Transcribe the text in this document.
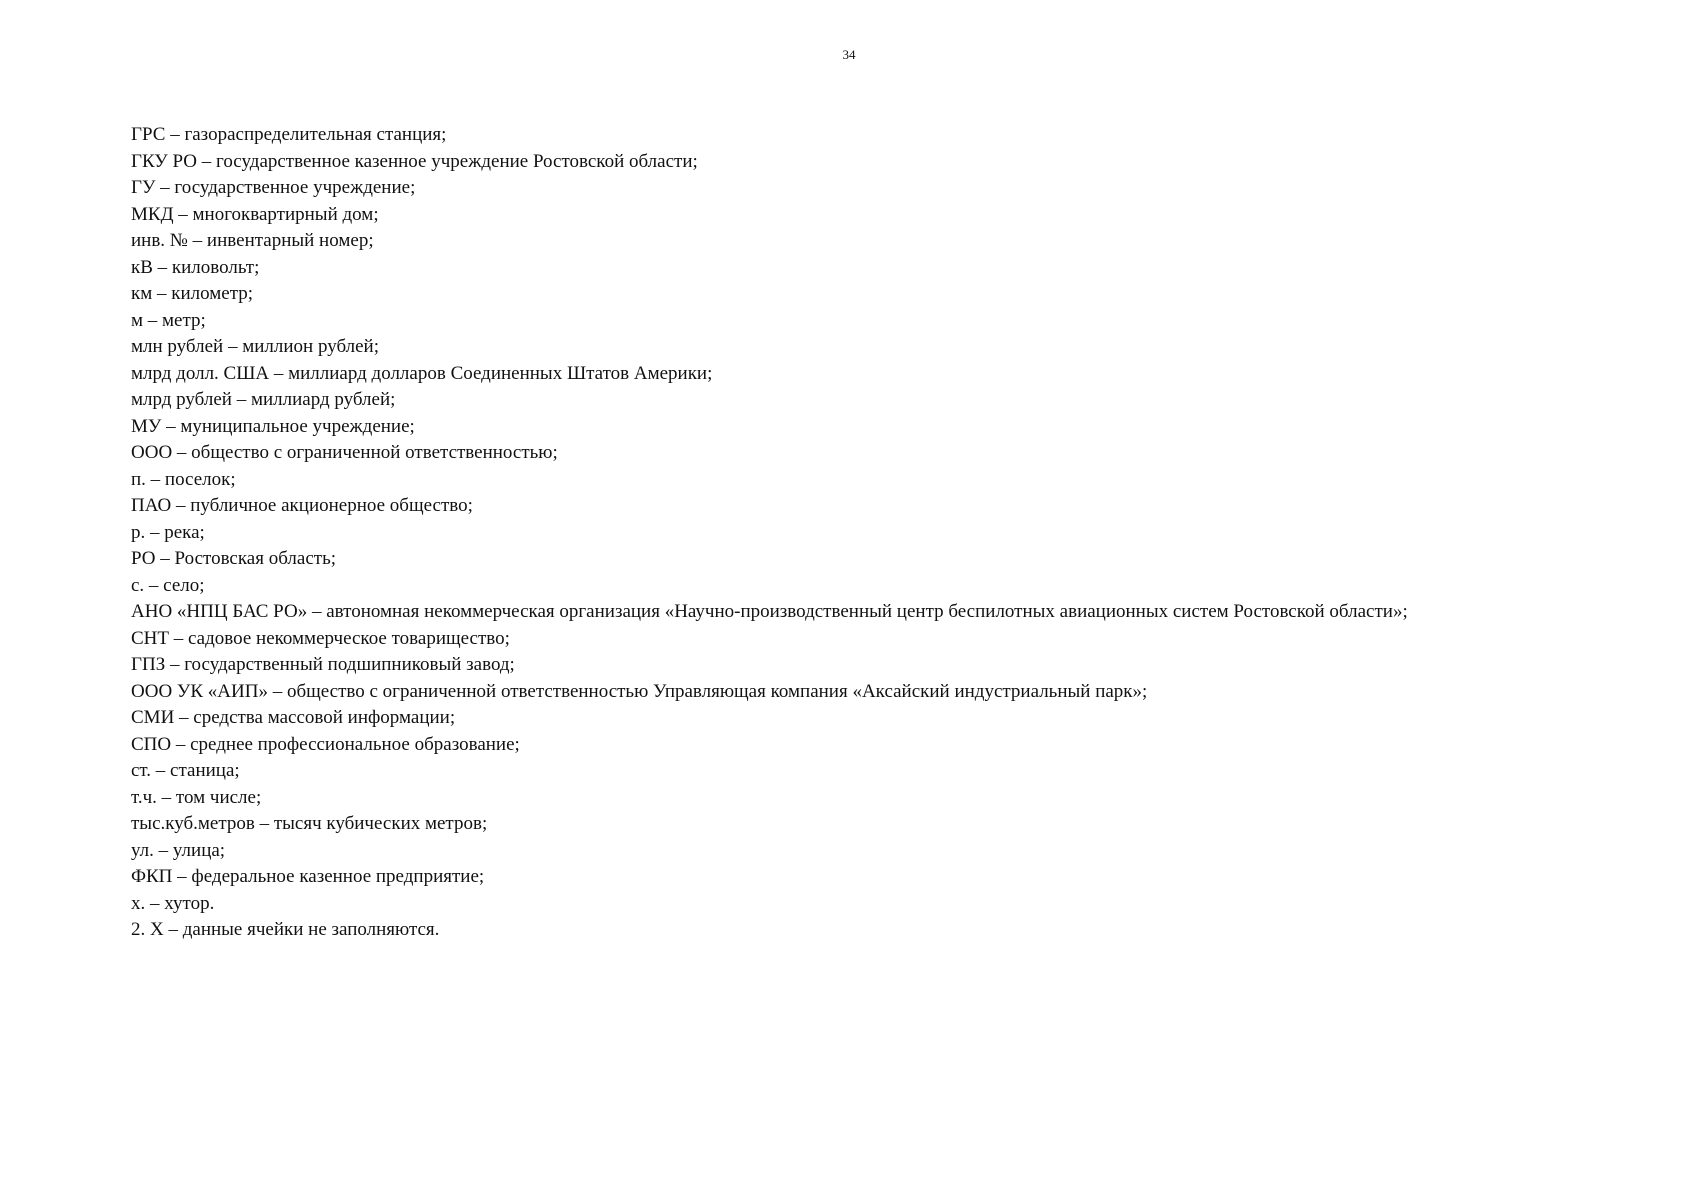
34
ГРС – газораспределительная станция;
ГКУ РО – государственное казенное учреждение Ростовской области;
ГУ – государственное учреждение;
МКД – многоквартирный дом;
инв. № – инвентарный номер;
кВ – киловольт;
км – километр;
м – метр;
млн рублей – миллион рублей;
млрд долл. США – миллиард долларов Соединенных Штатов Америки;
млрд рублей – миллиард рублей;
МУ – муниципальное учреждение;
ООО – общество с ограниченной ответственностью;
п. – поселок;
ПАО – публичное акционерное общество;
р. – река;
РО – Ростовская область;
с. – село;
АНО «НПЦ БАС РО» – автономная некоммерческая организация «Научно-производственный центр беспилотных авиационных систем Ростовской области»;
СНТ – садовое некоммерческое товарищество;
ГПЗ – государственный подшипниковый завод;
ООО УК «АИП» – общество с ограниченной ответственностью Управляющая компания «Аксайский индустриальный парк»;
СМИ – средства массовой информации;
СПО – среднее профессиональное образование;
ст. – станица;
т.ч. – том числе;
тыс.куб.метров – тысяч кубических метров;
ул. – улица;
ФКП – федеральное казенное предприятие;
х. – хутор.
2. Х – данные ячейки не заполняются.
